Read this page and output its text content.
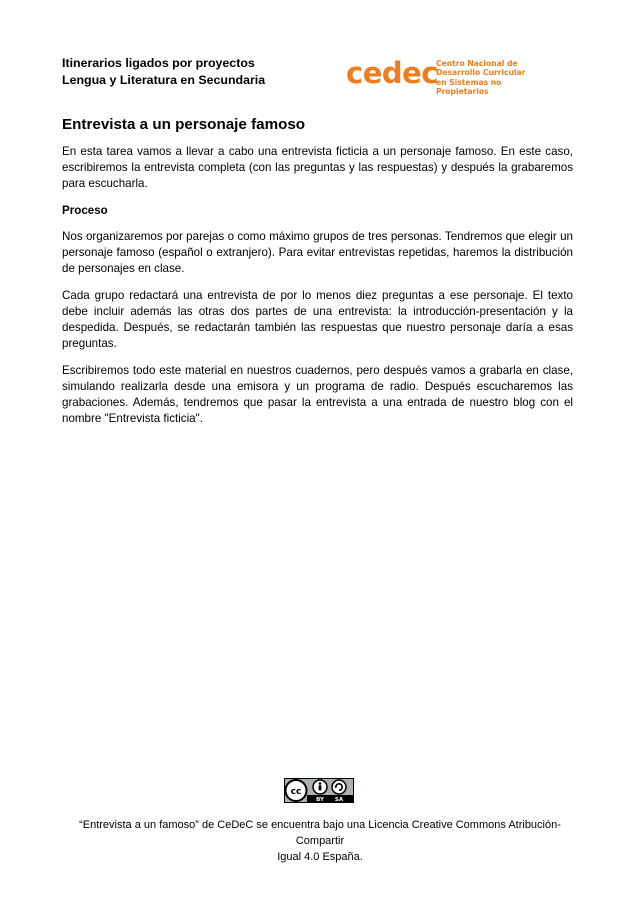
Itinerarios ligados por proyectos
Lengua y Literatura en Secundaria	cedec
Centro Nacional de
Desarrollo Curricular
en Sistemas no Propietarios
Entrevista a un personaje famoso

En esta tarea vamos a llevar a cabo una entrevista ficticia a un personaje famoso. En este caso, escribiremos la entrevista completa (con las preguntas y las respuestas) y después la grabaremos para escucharla.

Proceso

Nos organizaremos por parejas o como máximo grupos de tres personas. Tendremos que elegir un personaje famoso (español o extranjero). Para evitar entrevistas repetidas, haremos la distribución de personajes en clase.

Cada grupo redactará una entrevista de por lo menos diez preguntas a ese personaje. El texto debe incluir además las otras dos partes de una entrevista: la introducción-presentación y la despedida. Después, se redactarán también las respuestas que nuestro personaje daría a esas preguntas.

Escribiremos todo este material en nuestros cuadernos, pero después vamos a grabarla en clase, simulando realizarla desde una emisora y un programa de radio. Después escucharemos las grabaciones. Además, tendremos que pasar la entrevista a una entrada de nuestro blog con el nombre "Entrevista ficticia".

cc
BY SA
“Entrevista a un famoso” de CeDeC se encuentra bajo una Licencia Creative Commons Atribución-Compartir
Igual 4.0 España.
